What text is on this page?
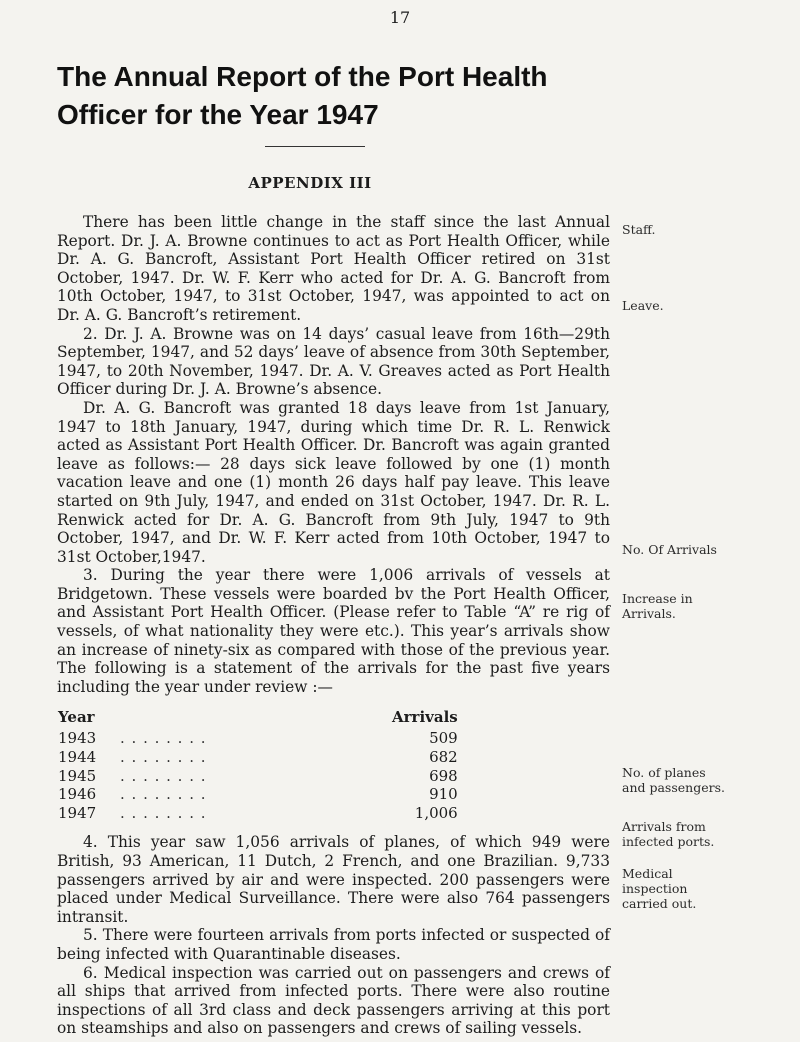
17
The Annual Report of the Port Health
Officer for the Year 1947
APPENDIX III

There has been little change in the staff since the last Annual Report. Dr. J. A. Browne continues to act as Port Health Officer, while Dr. A. G. Bancroft, Assistant Port Health Officer retired on 31st October, 1947. Dr. W. F. Kerr who acted for Dr. A. G. Bancroft from 10th October, 1947, to 31st October, 1947, was appointed to act on Dr. A. G. Bancroft’s retirement.

2. Dr. J. A. Browne was on 14 days’ casual leave from 16th—29th September, 1947, and 52 days’ leave of absence from 30th September, 1947, to 20th November, 1947. Dr. A. V. Greaves acted as Port Health Officer during Dr. J. A. Browne’s absence.

Dr. A. G. Bancroft was granted 18 days leave from 1st January, 1947 to 18th January, 1947, during which time Dr. R. L. Renwick acted as Assistant Port Health Officer. Dr. Bancroft was again granted leave as follows:— 28 days sick leave followed by one (1) month vacation leave and one (1) month 26 days half pay leave. This leave started on 9th July, 1947, and ended on 31st October, 1947. Dr. R. L. Renwick acted for Dr. A. G. Bancroft from 9th July, 1947 to 9th October, 1947, and Dr. W. F. Kerr acted from 10th October, 1947 to 31st October,1947.

3. During the year there were 1,006 arrivals of vessels at Bridgetown. These vessels were boarded bv the Port Health Officer, and Assistant Port Health Officer. (Please refer to Table “A” re rig of vessels, of what nationality they were etc.). This year’s arrivals show an increase of ninety-six as compared with those of the previous year. The following is a statement of the arrivals for the past five years including the year under review :—

Year		Arrivals
1943	. . . . . . . .	509
1944	. . . . . . . .	682
1945	. . . . . . . .	698
1946	. . . . . . . .	910
1947	. . . . . . . .	1,006

4. This year saw 1,056 arrivals of planes, of which 949 were British, 93 American, 11 Dutch, 2 French, and one Brazilian. 9,733 passengers arrived by air and were inspected. 200 passengers were placed under Medical Surveillance. There were also 764 passengers intransit.

5. There were fourteen arrivals from ports infected or suspected of being infected with Quarantinable diseases.

6. Medical inspection was carried out on passengers and crews of all ships that arrived from infected ports. There were also routine inspections of all 3rd class and deck passengers arriving at this port on steamships and also on passengers and crews of sailing vessels.

Staff.
Leave.
No. Of Arrivals
Increase in Arrivals.
No. of planes and passengers.
Arrivals from infected ports.
Medical inspection carried out.
